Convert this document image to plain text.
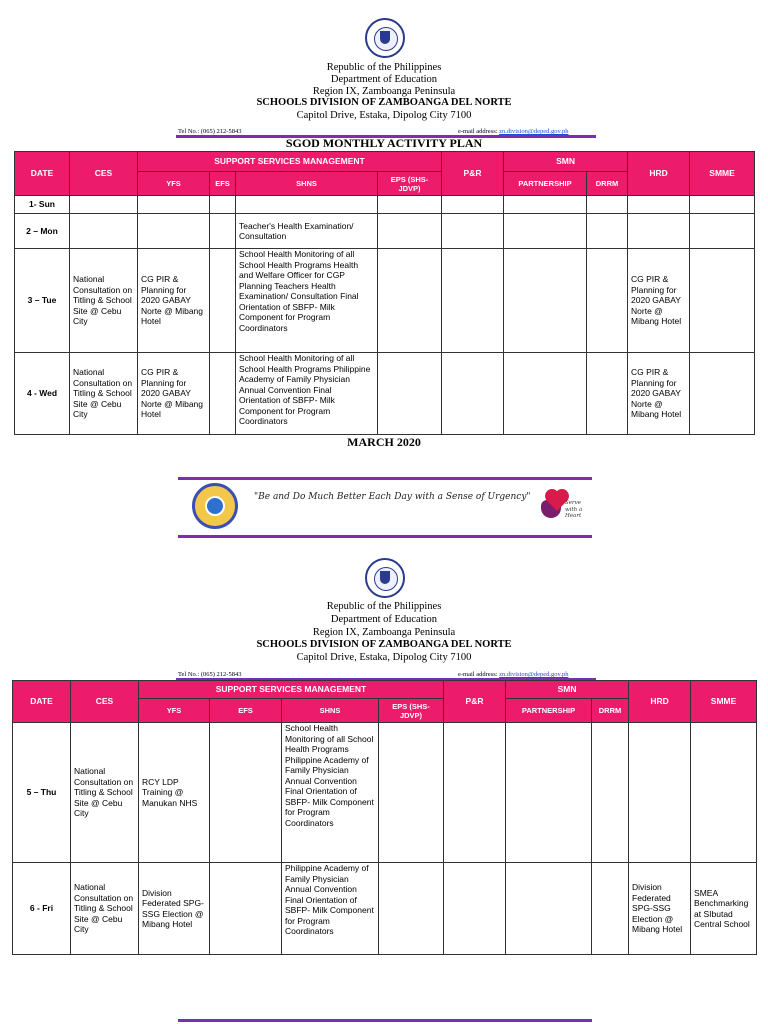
Republic of the Philippines
Department of Education
Region IX, Zamboanga Peninsula
SCHOOLS DIVISION OF ZAMBOANGA DEL NORTE
Capitol Drive, Estaka, Dipolog City 7100
Tel No.: (065) 212-5843	e-mail address: zn.division@deped.gov.ph
SGOD MONTHLY ACTIVITY PLAN
DATE	CES	SUPPORT SERVICES MANAGEMENT				P&R	SMN		HRD	SMME
		YFS	EFS	SHNS	EPS (SHS-JDVP)		PARTNERSHIP	DRRM		
1- Sun										
2 – Mon				Teacher's Health Examination/ Consultation						
3 – Tue	National Consultation on Titling & School Site @ Cebu City	CG PIR & Planning for 2020 GABAY Norte @ Mibang Hotel		School Health Monitoring of all School Health Programs Health and Welfare Officer for CGP Planning Teachers Health Examination/ Consultation Final Orientation of SBFP- Milk Component for Program Coordinators					CG PIR & Planning for 2020 GABAY Norte @ Mibang Hotel	
4 - Wed	National Consultation on Titling & School Site @ Cebu City	CG PIR & Planning for 2020 GABAY Norte @ Mibang Hotel		School Health Monitoring of all School Health Programs Philippine Academy of Family Physician Annual Convention Final Orientation of SBFP- Milk Component for Program Coordinators					CG PIR & Planning for 2020 GABAY Norte @ Mibang Hotel	
MARCH 2020
"Be and Do Much Better Each Day with a Sense of Urgency"
Serve with a Heart
Republic of the Philippines
Department of Education
Region IX, Zamboanga Peninsula
SCHOOLS DIVISION OF ZAMBOANGA DEL NORTE
Capitol Drive, Estaka, Dipolog City 7100
Tel No.: (065) 212-5843	e-mail address: zn.division@deped.gov.ph
DATE	CES	SUPPORT SERVICES MANAGEMENT				P&R	SMN		HRD	SMME
		YFS	EFS	SHNS	EPS (SHS-JDVP)		PARTNERSHIP	DRRM		
5 – Thu	National Consultation on Titling & School Site @ Cebu City	RCY LDP Training @ Manukan NHS		School Health Monitoring of all School Health Programs Philippine Academy of Family Physician Annual Convention Final Orientation of SBFP- Milk Component for Program Coordinators						
6 - Fri	National Consultation on Titling & School Site @ Cebu City	Division Federated SPG-SSG Election @ Mibang Hotel		Philippine Academy of Family Physician Annual Convention Final Orientation of SBFP- Milk Component for Program Coordinators					Division Federated SPG-SSG Election @ Mibang Hotel	SMEA Benchmarking at SIbutad Central School
